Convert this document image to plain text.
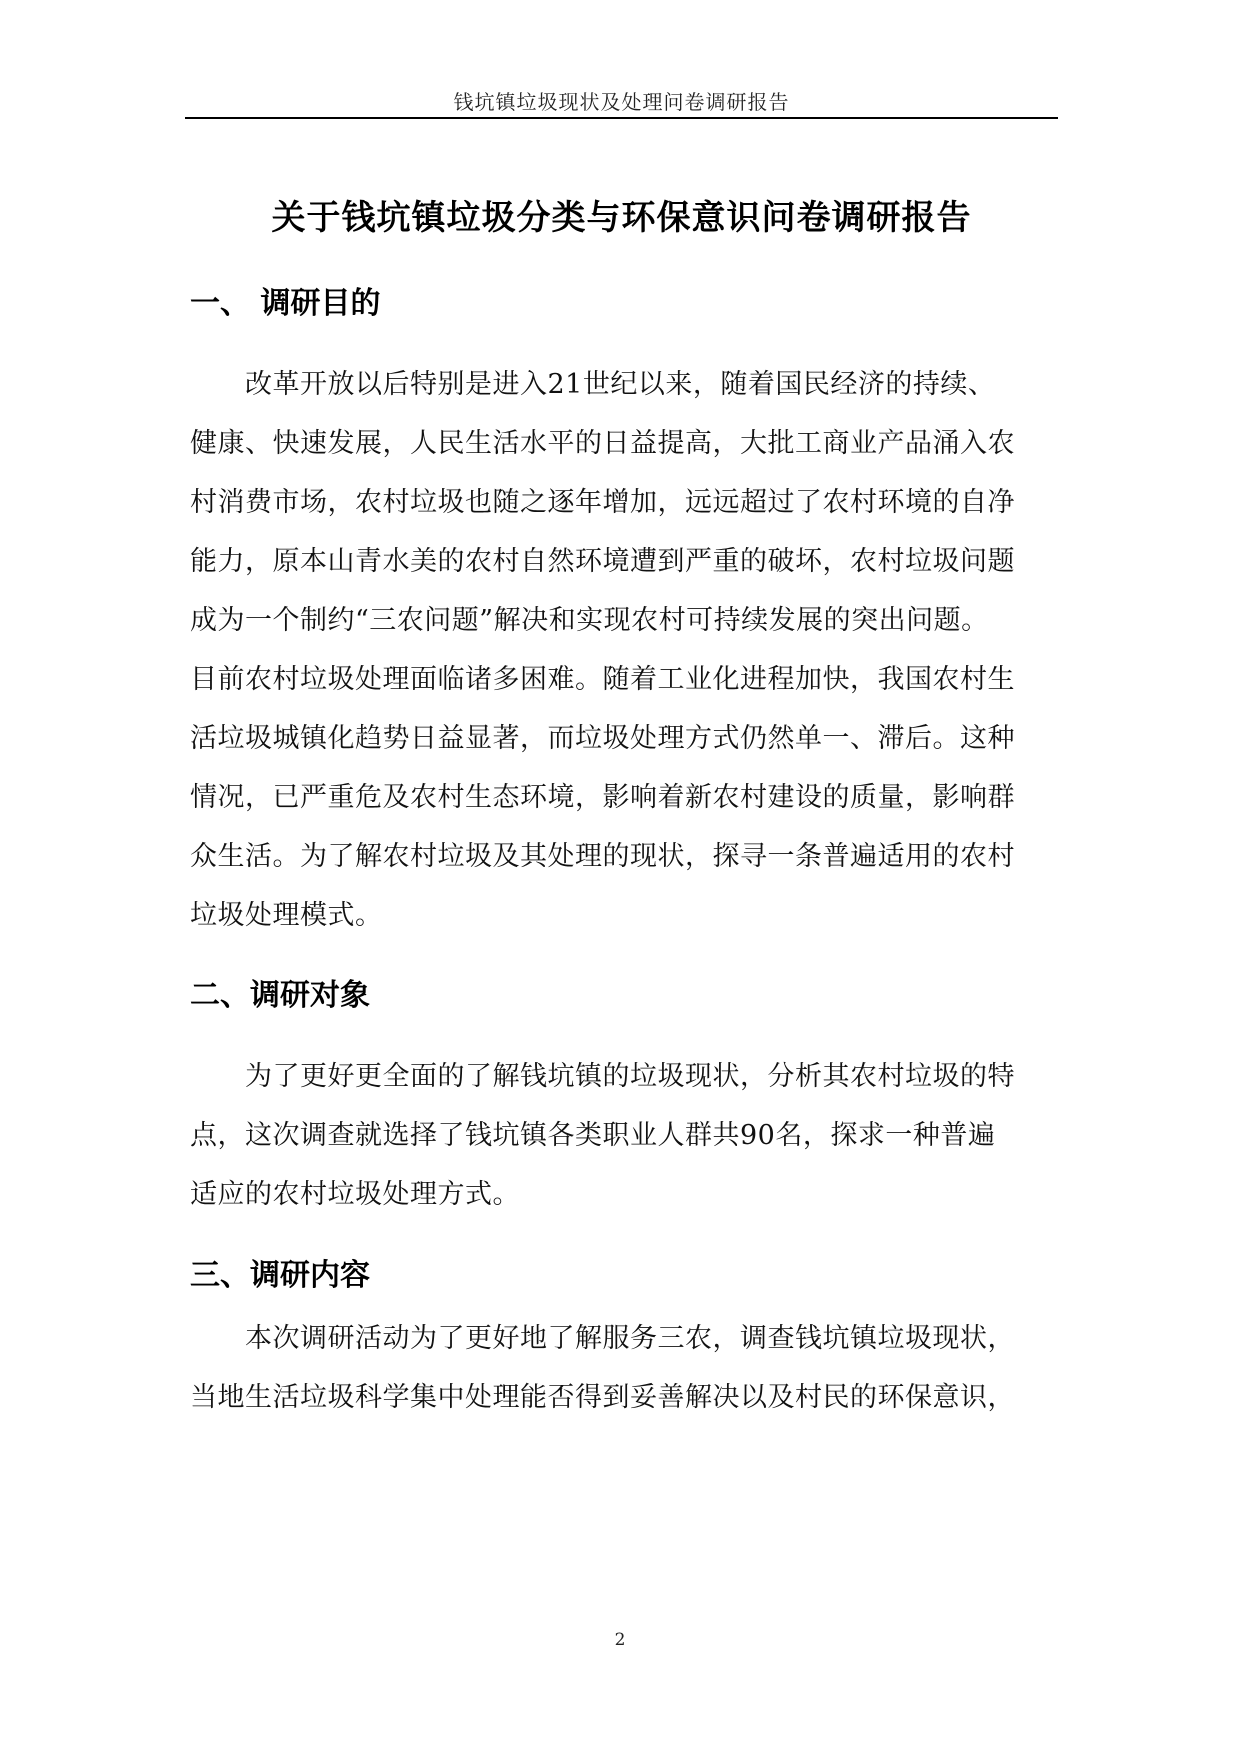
钱坑镇垃圾现状及处理问卷调研报告
关于钱坑镇垃圾分类与环保意识问卷调研报告
一、 调研目的
改革开放以后特别是进入21世纪以来，随着国民经济的持续、
健康、快速发展，人民生活水平的日益提高，大批工商业产品涌入农
村消费市场，农村垃圾也随之逐年增加，远远超过了农村环境的自净
能力，原本山青水美的农村自然环境遭到严重的破坏，农村垃圾问题
成为一个制约“三农问题”解决和实现农村可持续发展的突出问题。
目前农村垃圾处理面临诸多困难。随着工业化进程加快，我国农村生
活垃圾城镇化趋势日益显著，而垃圾处理方式仍然单一、滞后。这种
情况，已严重危及农村生态环境，影响着新农村建设的质量，影响群
众生活。为了解农村垃圾及其处理的现状，探寻一条普遍适用的农村
垃圾处理模式。
二、调研对象
为了更好更全面的了解钱坑镇的垃圾现状，分析其农村垃圾的特
点，这次调查就选择了钱坑镇各类职业人群共90名，探求一种普遍
适应的农村垃圾处理方式。
三、调研内容
本次调研活动为了更好地了解服务三农，调查钱坑镇垃圾现状，
当地生活垃圾科学集中处理能否得到妥善解决以及村民的环保意识，
2
